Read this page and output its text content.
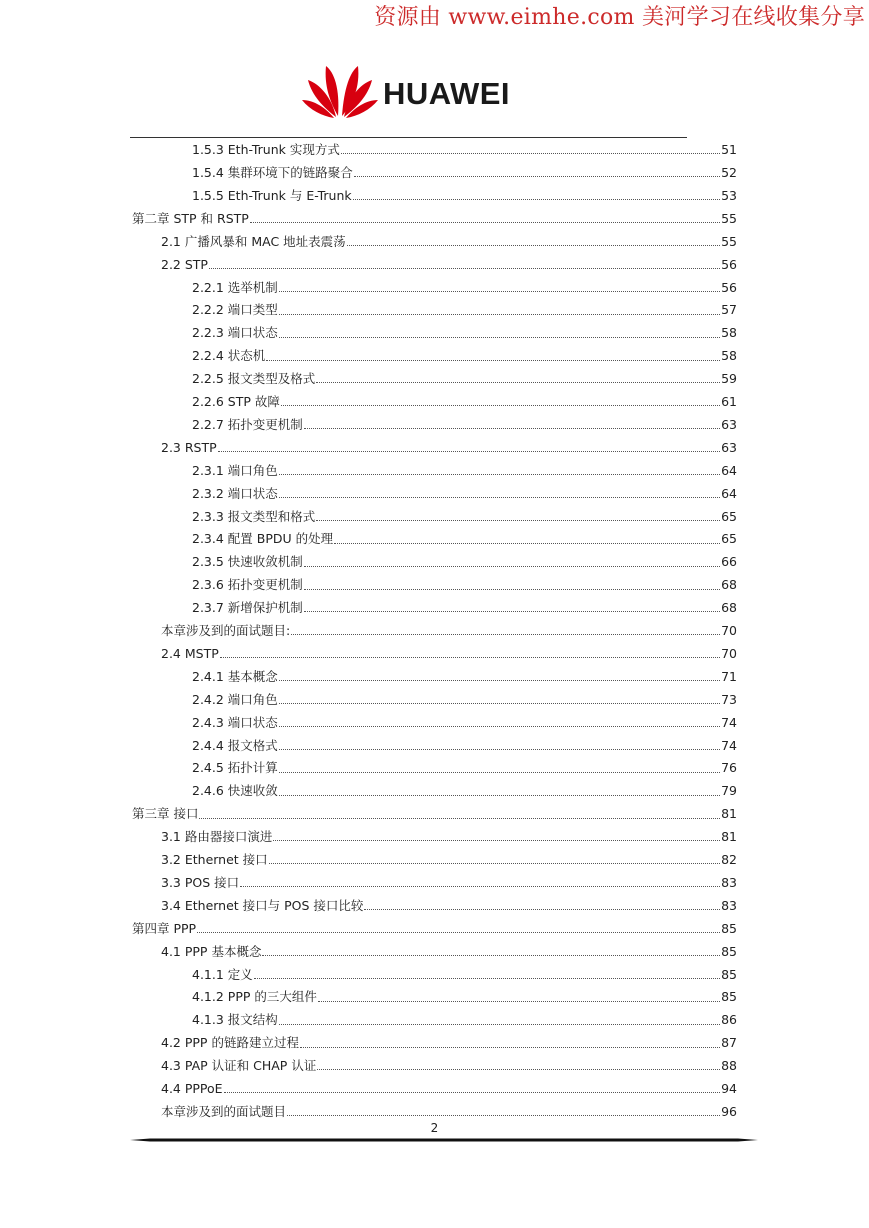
资源由 www.eimhe.com 美河学习在线收集分享
HUAWEI
1.5.3 Eth-Trunk 实现方式	51
1.5.4 集群环境下的链路聚合	52
1.5.5 Eth-Trunk 与 E-Trunk	53
第二章 STP 和 RSTP	55
2.1 广播风暴和 MAC 地址表震荡	55
2.2 STP	56
2.2.1 选举机制	56
2.2.2 端口类型	57
2.2.3 端口状态	58
2.2.4 状态机	58
2.2.5 报文类型及格式	59
2.2.6 STP 故障	61
2.2.7 拓扑变更机制	63
2.3 RSTP	63
2.3.1 端口角色	64
2.3.2 端口状态	64
2.3.3 报文类型和格式	65
2.3.4 配置 BPDU 的处理	65
2.3.5 快速收敛机制	66
2.3.6 拓扑变更机制	68
2.3.7 新增保护机制	68
本章涉及到的面试题目:	70
2.4 MSTP	70
2.4.1 基本概念	71
2.4.2 端口角色	73
2.4.3 端口状态	74
2.4.4 报文格式	74
2.4.5 拓扑计算	76
2.4.6 快速收敛	79
第三章 接口	81
3.1 路由器接口演进	81
3.2 Ethernet 接口	82
3.3 POS 接口	83
3.4 Ethernet 接口与 POS 接口比较	83
第四章 PPP	85
4.1 PPP 基本概念	85
4.1.1 定义	85
4.1.2 PPP 的三大组件	85
4.1.3 报文结构	86
4.2 PPP 的链路建立过程	87
4.3 PAP 认证和 CHAP 认证	88
4.4 PPPoE	94
本章涉及到的面试题目	96
2
